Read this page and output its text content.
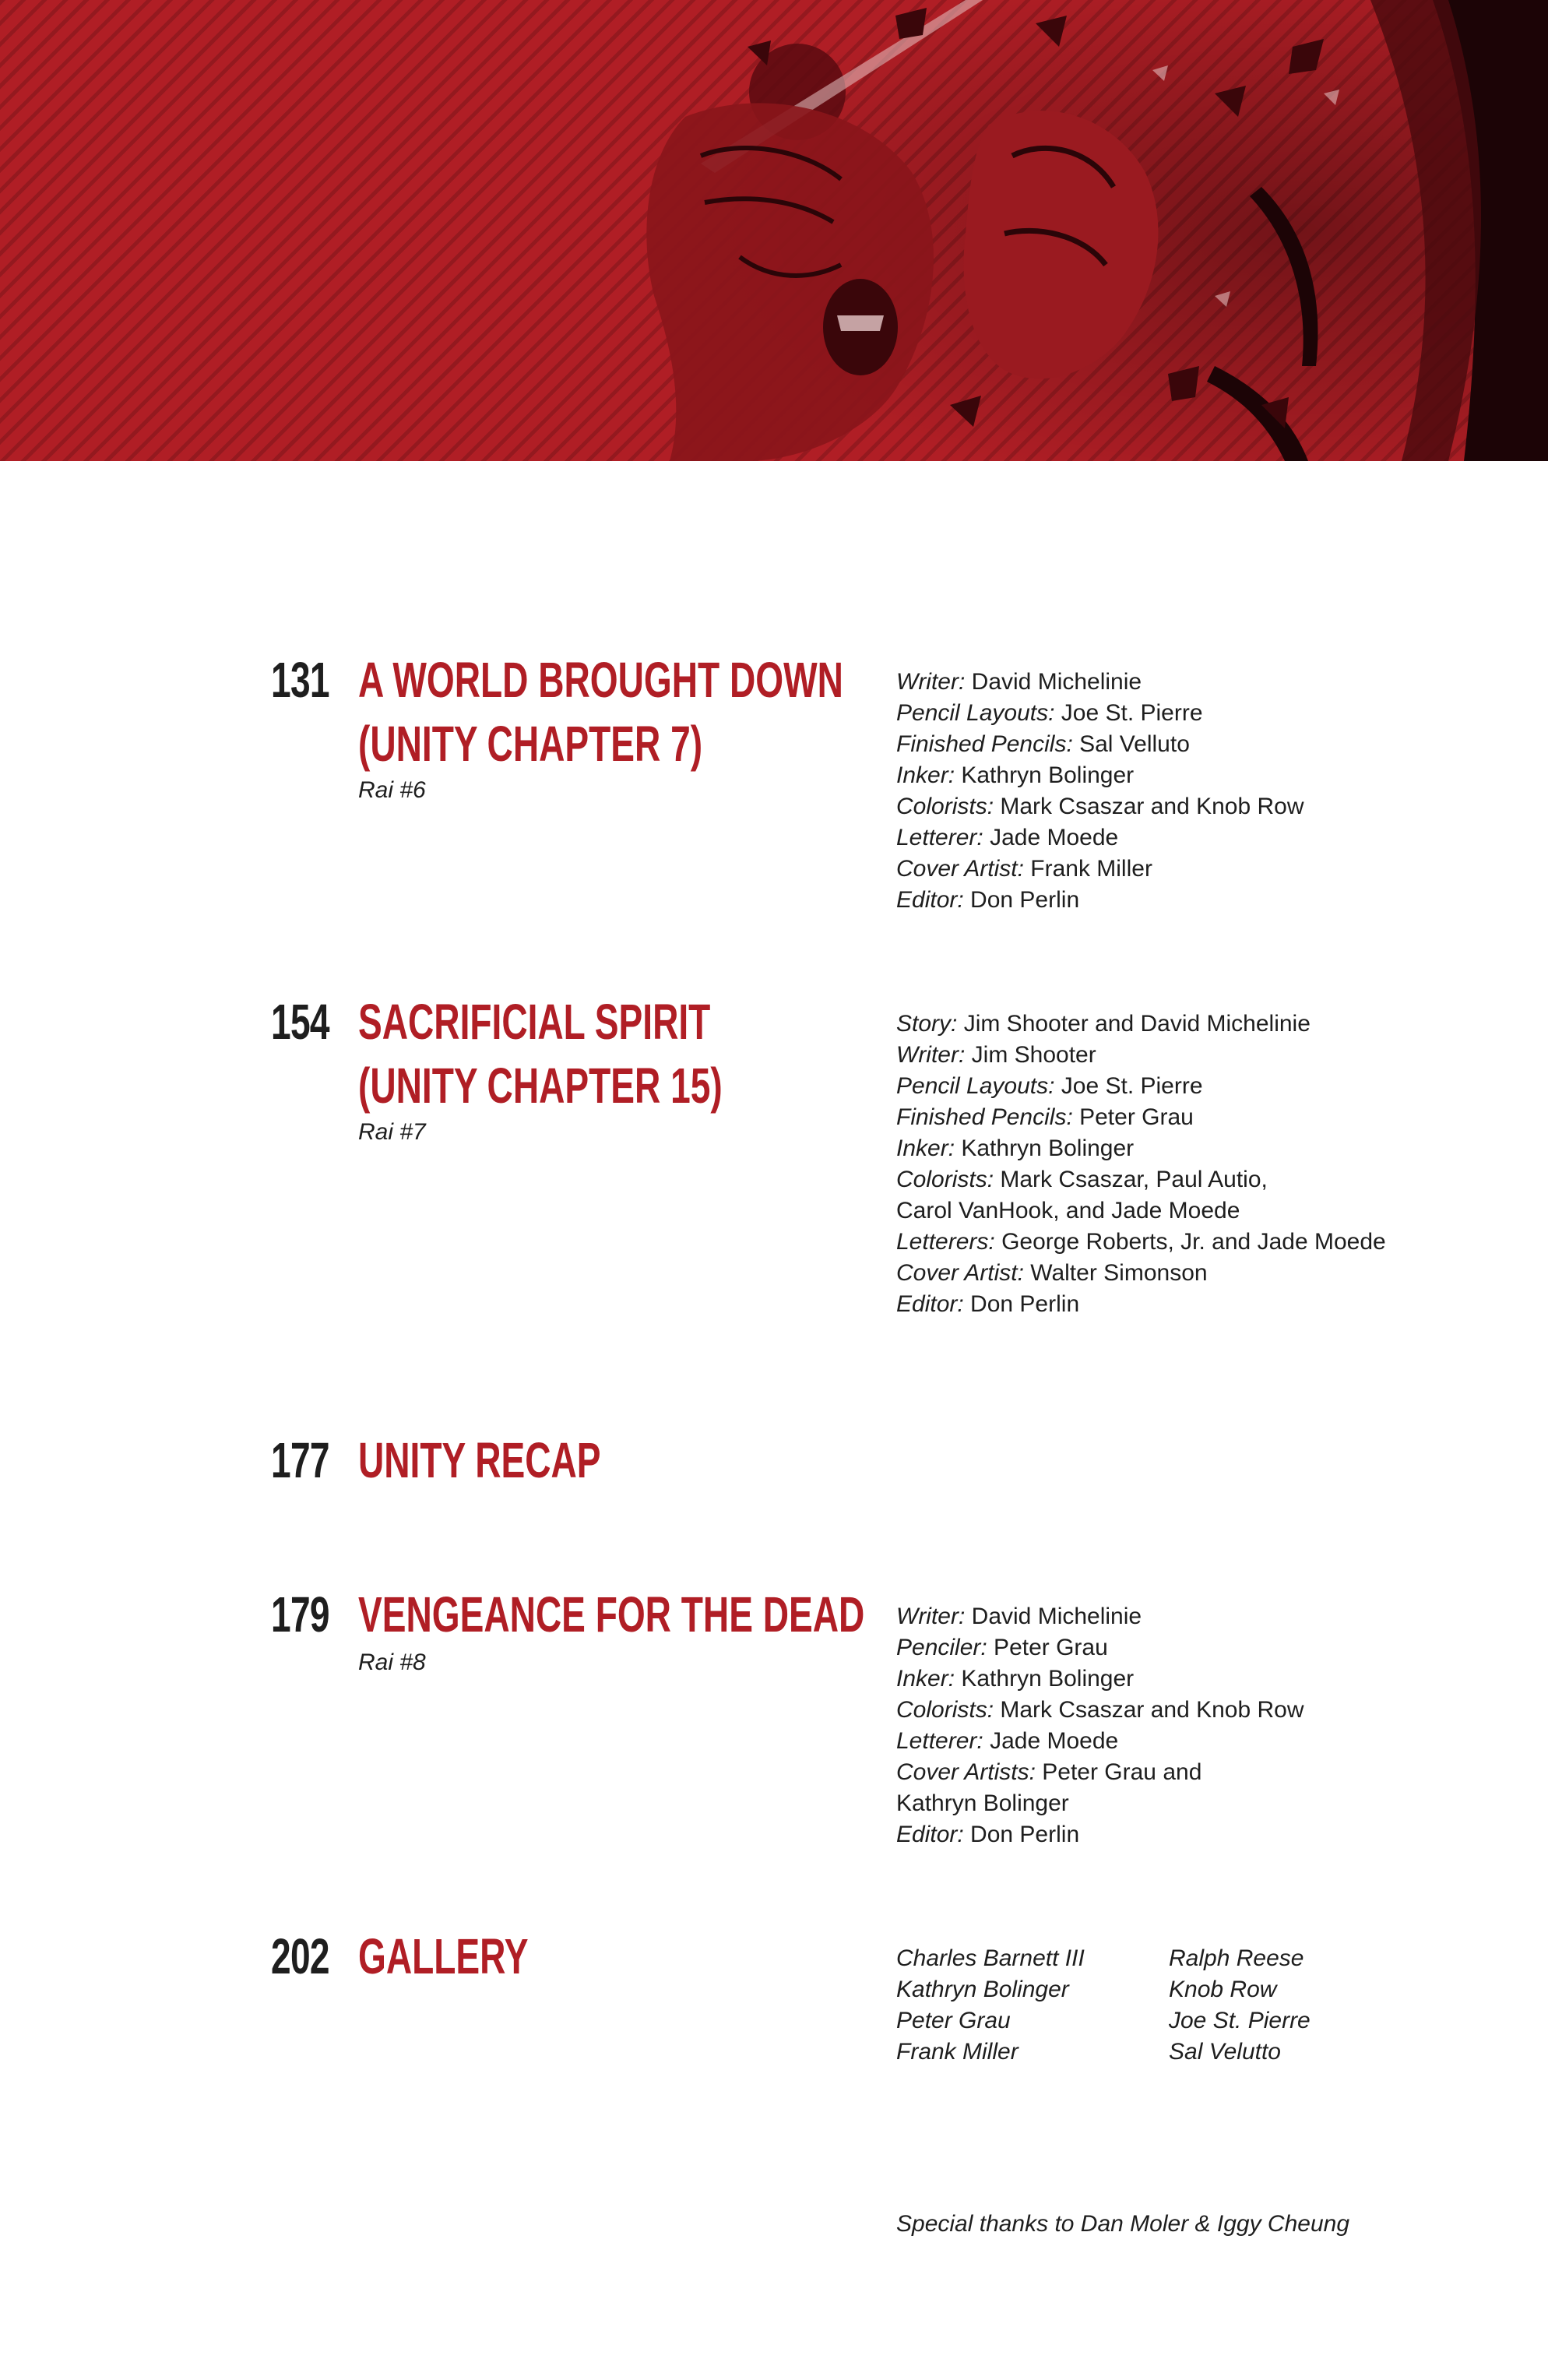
131 A WORLD BROUGHT DOWN
(UNITY CHAPTER 7)
Rai #6
Writer: David Michelinie
Pencil Layouts: Joe St. Pierre
Finished Pencils: Sal Velluto
Inker: Kathryn Bolinger
Colorists: Mark Csaszar and Knob Row
Letterer: Jade Moede
Cover Artist: Frank Miller
Editor: Don Perlin
154 SACRIFICIAL SPIRIT
(UNITY CHAPTER 15)
Rai #7
Story: Jim Shooter and David Michelinie
Writer: Jim Shooter
Pencil Layouts: Joe St. Pierre
Finished Pencils: Peter Grau
Inker: Kathryn Bolinger
Colorists: Mark Csaszar, Paul Autio,
Carol VanHook, and Jade Moede
Letterers: George Roberts, Jr. and Jade Moede
Cover Artist: Walter Simonson
Editor: Don Perlin
177 UNITY RECAP
179 VENGEANCE FOR THE DEAD
Rai #8
Writer: David Michelinie
Penciler: Peter Grau
Inker: Kathryn Bolinger
Colorists: Mark Csaszar and Knob Row
Letterer: Jade Moede
Cover Artists: Peter Grau and
Kathryn Bolinger
Editor: Don Perlin
202 GALLERY	Charles Barnett III
Kathryn Bolinger
Peter Grau
Frank Miller
Ralph Reese
Knob Row
Joe St. Pierre
Sal Velutto
Special thanks to Dan Moler & Iggy Cheung
